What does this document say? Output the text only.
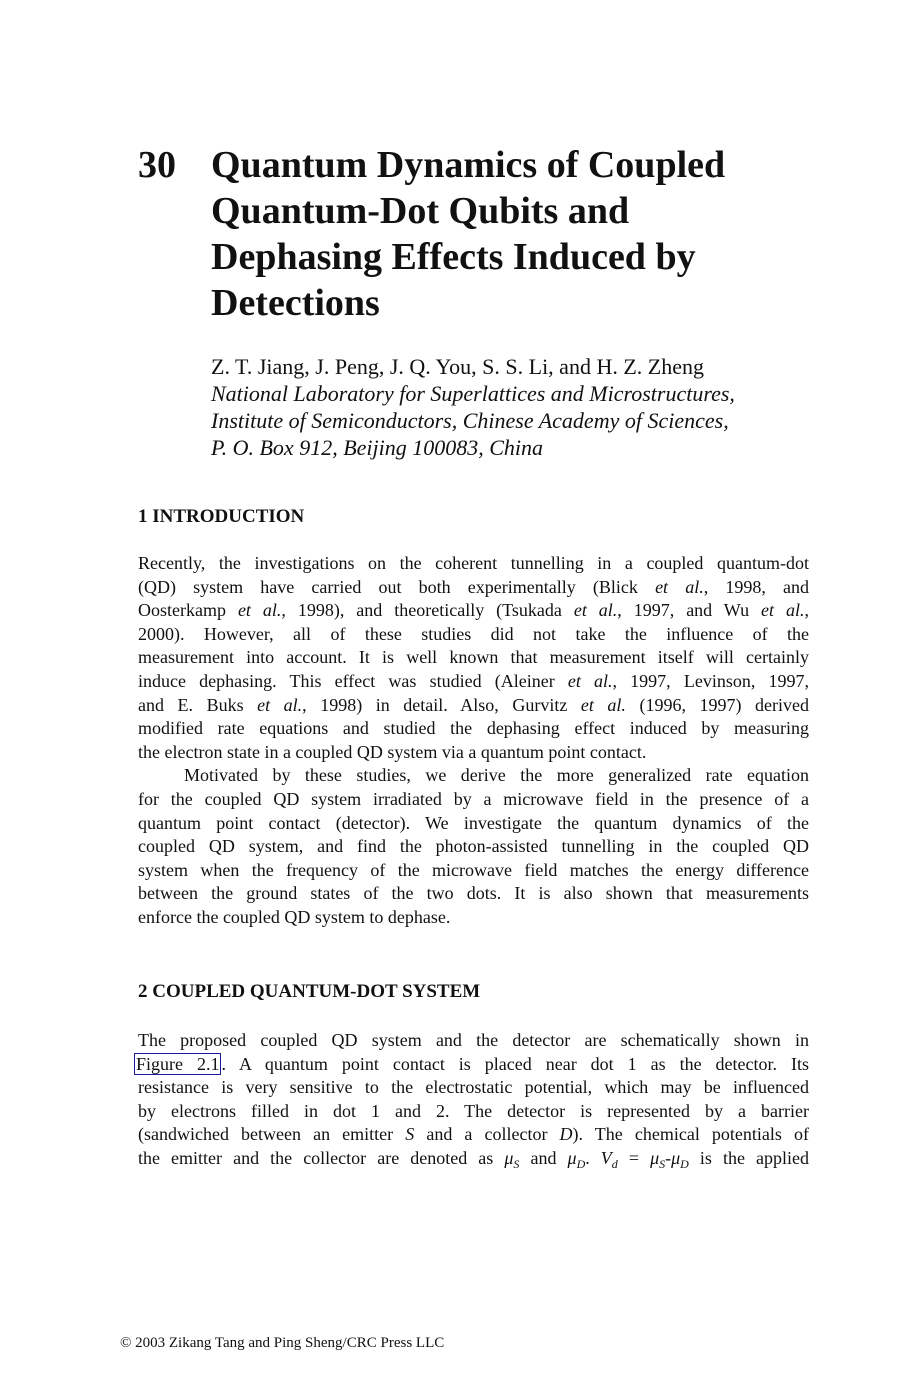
30 Quantum Dynamics of Coupled
Quantum-Dot Qubits and
Dephasing Effects Induced by
Detections
Z. T. Jiang, J. Peng, J. Q. You, S. S. Li, and H. Z. Zheng
National Laboratory for Superlattices and Microstructures,
Institute of Semiconductors, Chinese Academy of Sciences,
P. O. Box 912, Beijing 100083, China
1 INTRODUCTION
Recently, the investigations on the coherent tunnelling in a coupled quantum-dot
(QD) system have carried out both experimentally (Blick et al., 1998, and
Oosterkamp et al., 1998), and theoretically (Tsukada et al., 1997, and Wu et al.,
2000). However, all of these studies did not take the influence of the
measurement into account. It is well known that measurement itself will certainly
induce dephasing. This effect was studied (Aleiner et al., 1997, Levinson, 1997,
and E. Buks et al., 1998) in detail. Also, Gurvitz et al. (1996, 1997) derived
modified rate equations and studied the dephasing effect induced by measuring
the electron state in a coupled QD system via a quantum point contact.
Motivated by these studies, we derive the more generalized rate equation
for the coupled QD system irradiated by a microwave field in the presence of a
quantum point contact (detector). We investigate the quantum dynamics of the
coupled QD system, and find the photon-assisted tunnelling in the coupled QD
system when the frequency of the microwave field matches the energy difference
between the ground states of the two dots. It is also shown that measurements
enforce the coupled QD system to dephase.
2 COUPLED QUANTUM-DOT SYSTEM
The proposed coupled QD system and the detector are schematically shown in
Figure 2.1 . A quantum point contact is placed near dot 1 as the detector. Its
resistance is very sensitive to the electrostatic potential, which may be influenced
by electrons filled in dot 1 and 2. The detector is represented by a barrier
(sandwiched between an emitter S and a collector D). The chemical potentials of
the emitter and the collector are denoted as $\mu_S$ and $\mu_D$. $V_d = \mu_S-\mu_D$ is the applied
© 2003 Zikang Tang and Ping Sheng/CRC Press LLC
